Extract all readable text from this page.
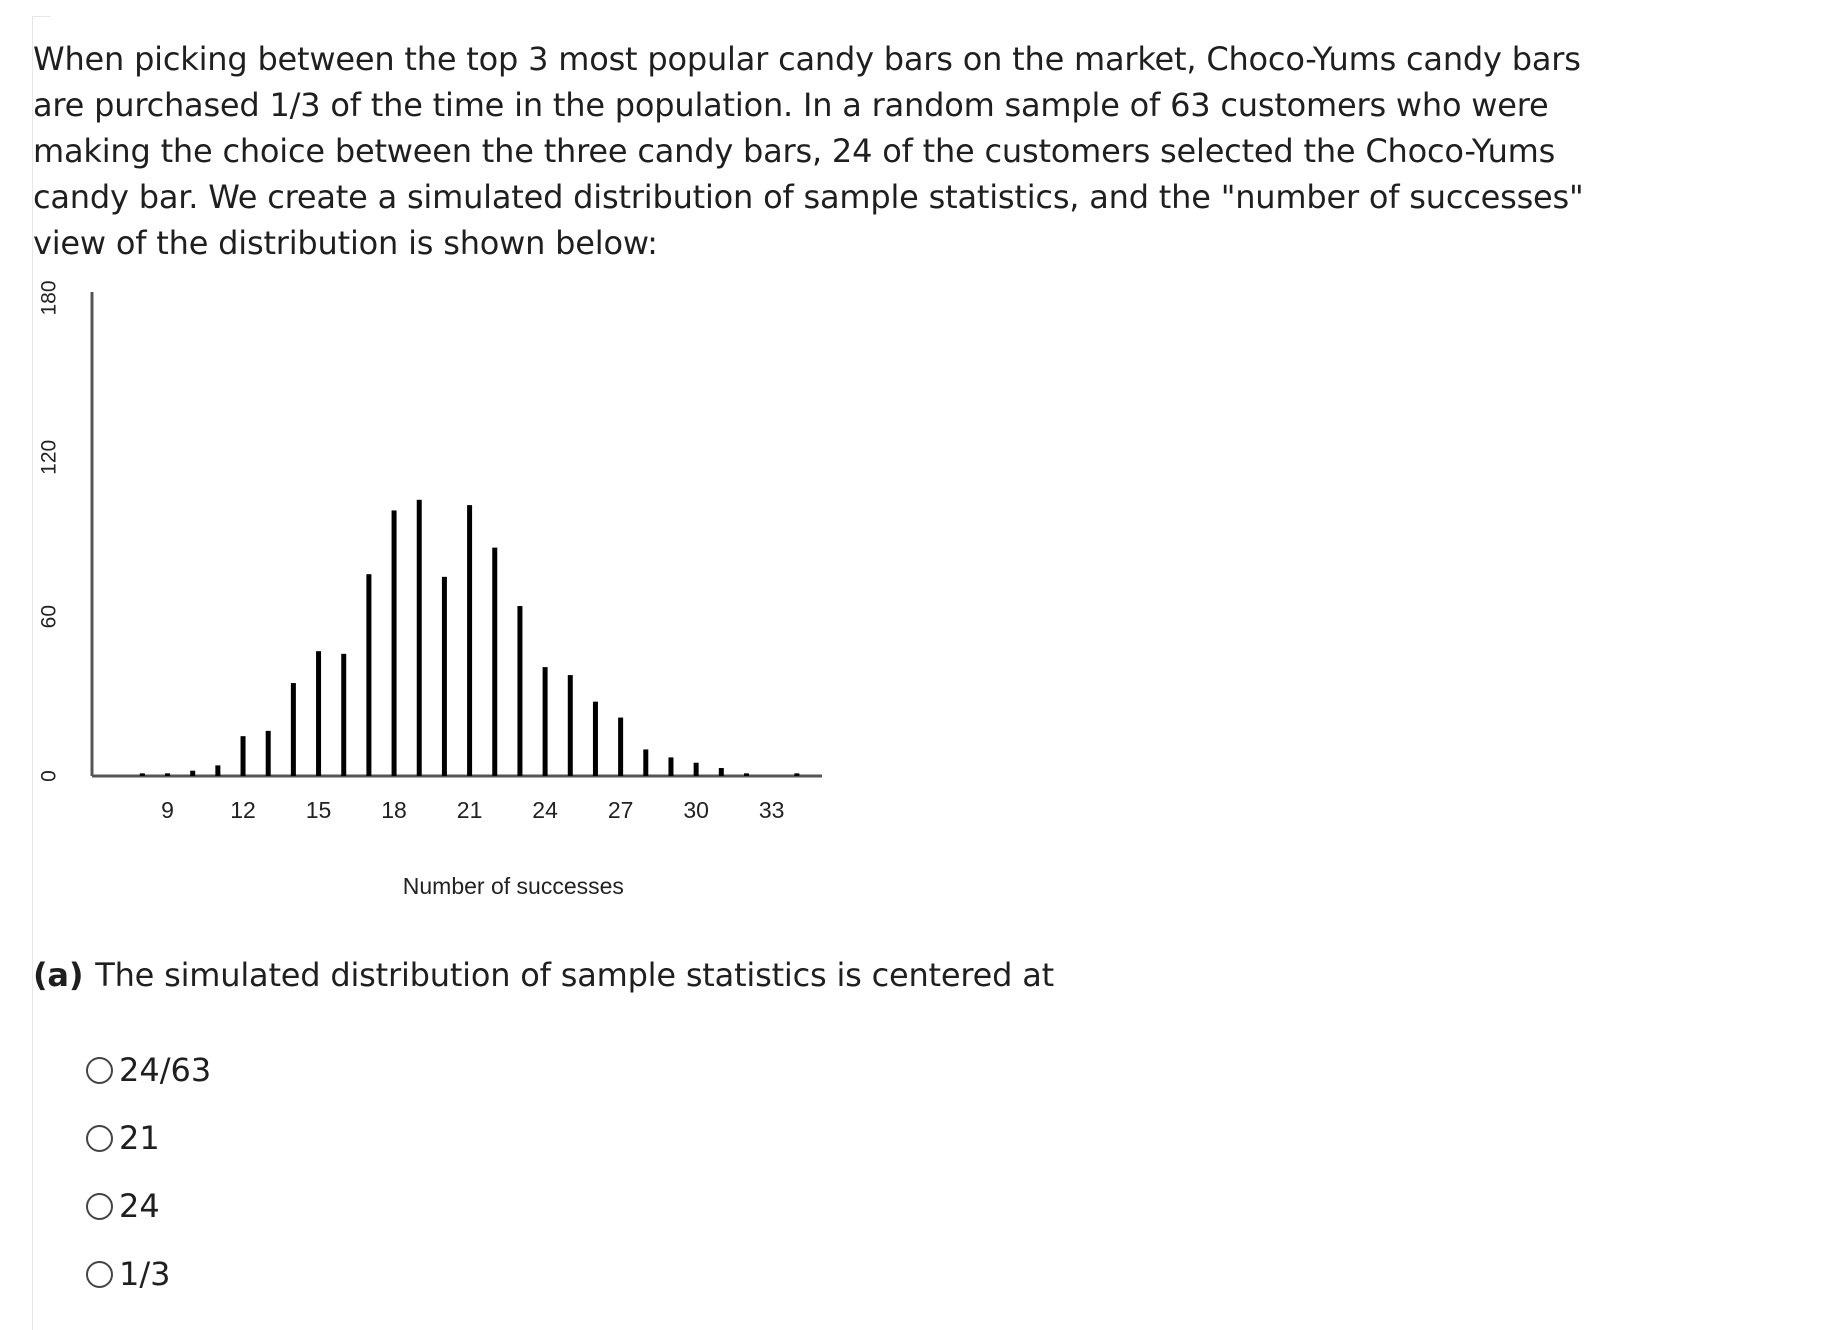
When picking between the top 3 most popular candy bars on the market, Choco-Yums candy bars are purchased 1/3 of the time in the population. In a random sample of 63 customers who were making the choice between the three candy bars, 24 of the customers selected the Choco-Yums candy bar. We create a simulated distribution of sample statistics, and the "number of successes" view of the distribution is shown below:

9 12 15 18 21 24 27 30 33
0
60
120
180
Number of successes
(a) The simulated distribution of sample statistics is centered at
24/63
21
24
1/3
